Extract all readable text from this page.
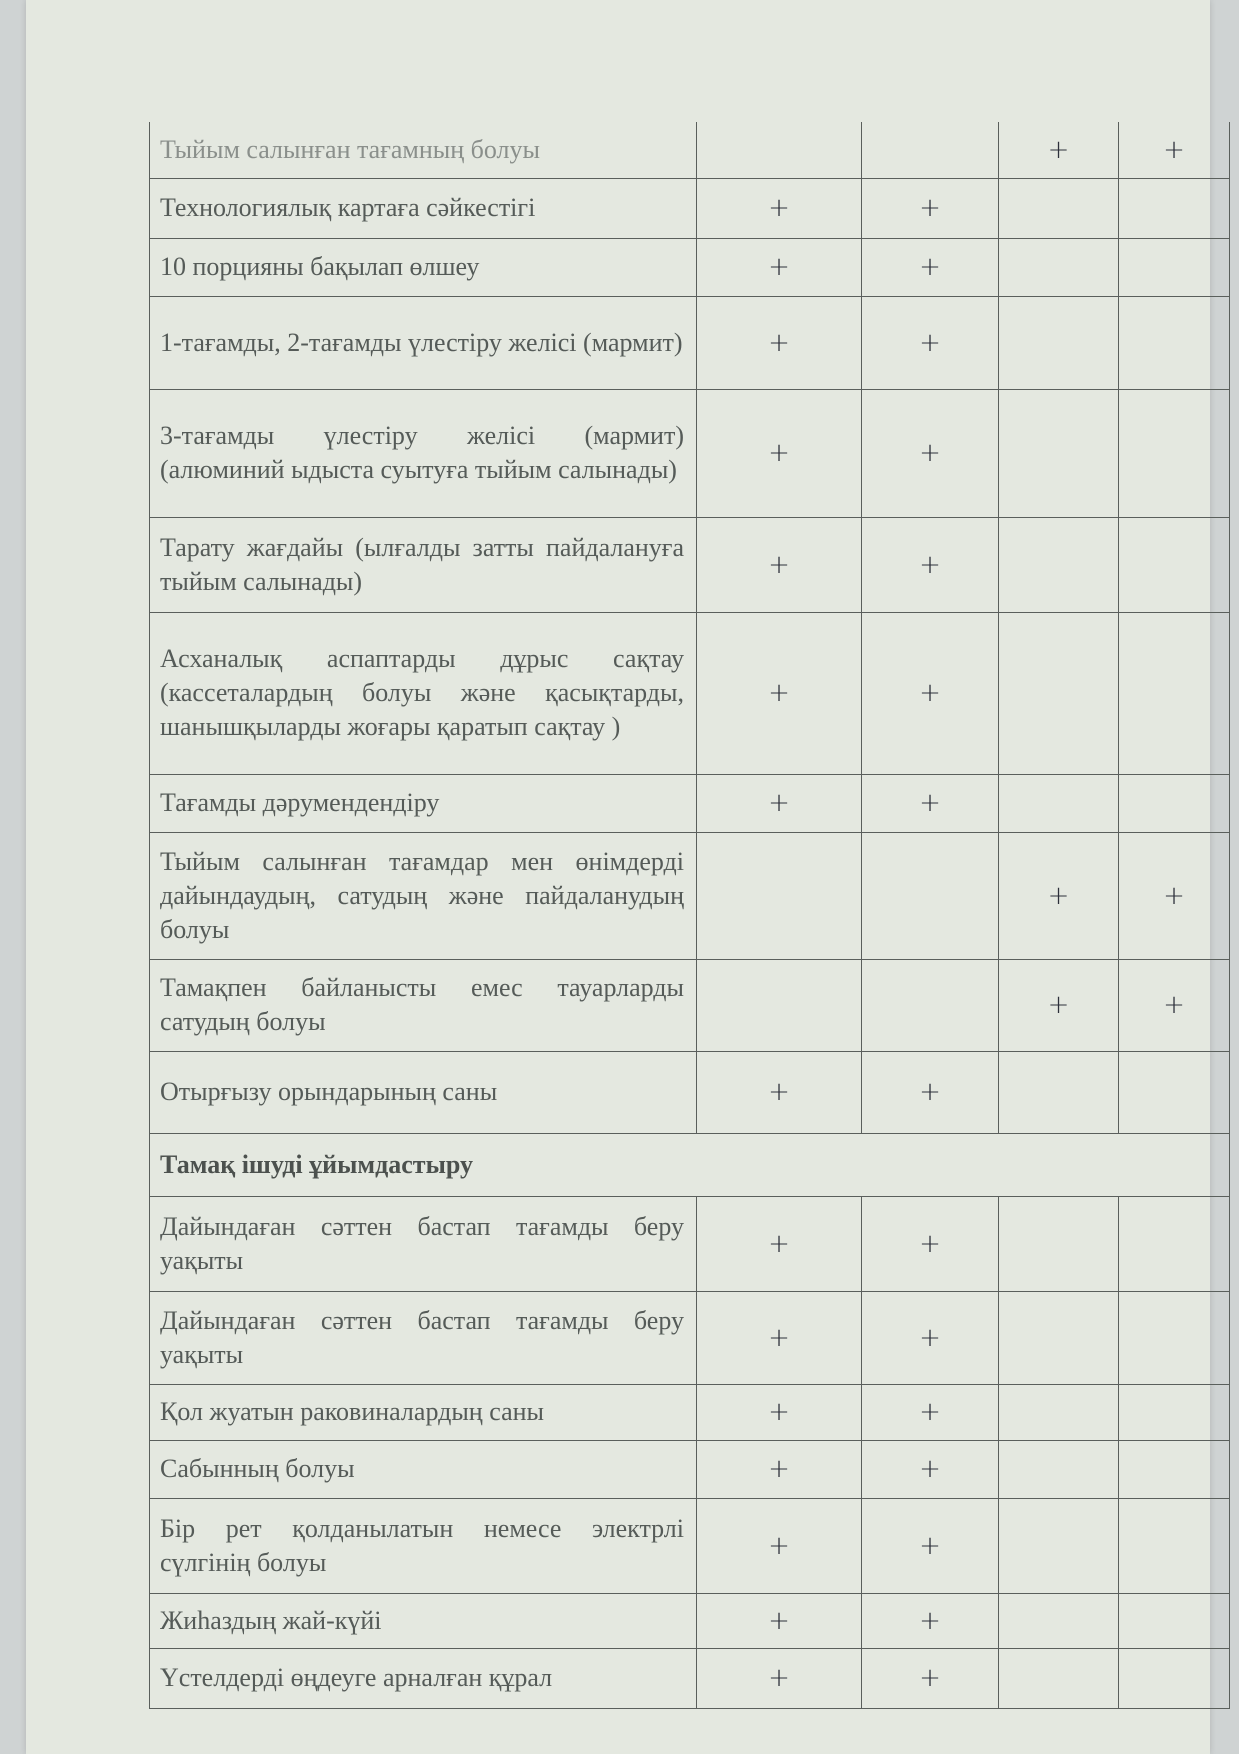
Тыйым салынған тағамның болуы			+	+
Технологиялық картаға сәйкестігі	+	+		
10 порцияны бақылап өлшеу	+	+		
1-тағамды, 2-тағамды үлестіру желісі (мармит)	+	+		
3-тағамды үлестіру желісі (мармит) (алюминий ыдыста суытуға тыйым салынады)	+	+		
Тарату жағдайы (ылғалды затты пайдалануға тыйым салынады)	+	+		
Асханалық аспаптарды дұрыс сақтау (кассеталардың болуы және қасықтарды, шанышқыларды жоғары қаратып сақтау )	+	+		
Тағамды дәрумендендіру	+	+		
Тыйым салынған тағамдар мен өнімдерді дайындаудың, сатудың және пайдаланудың болуы			+	+
Тамақпен байланысты емес тауарларды сатудың болуы			+	+
Отырғызу орындарының саны	+	+		
Тамақ ішуді ұйымдастыру				
Дайындаған сәттен бастап тағамды беру уақыты	+	+		
Дайындаған сәттен бастап тағамды беру уақыты	+	+		
Қол жуатын раковиналардың саны	+	+		
Сабынның болуы	+	+		
Бір рет қолданылатын немесе электрлі сүлгінің болуы	+	+		
Жиһаздың жай-күйі	+	+		
Үстелдерді өңдеуге арналған құрал	+	+		
